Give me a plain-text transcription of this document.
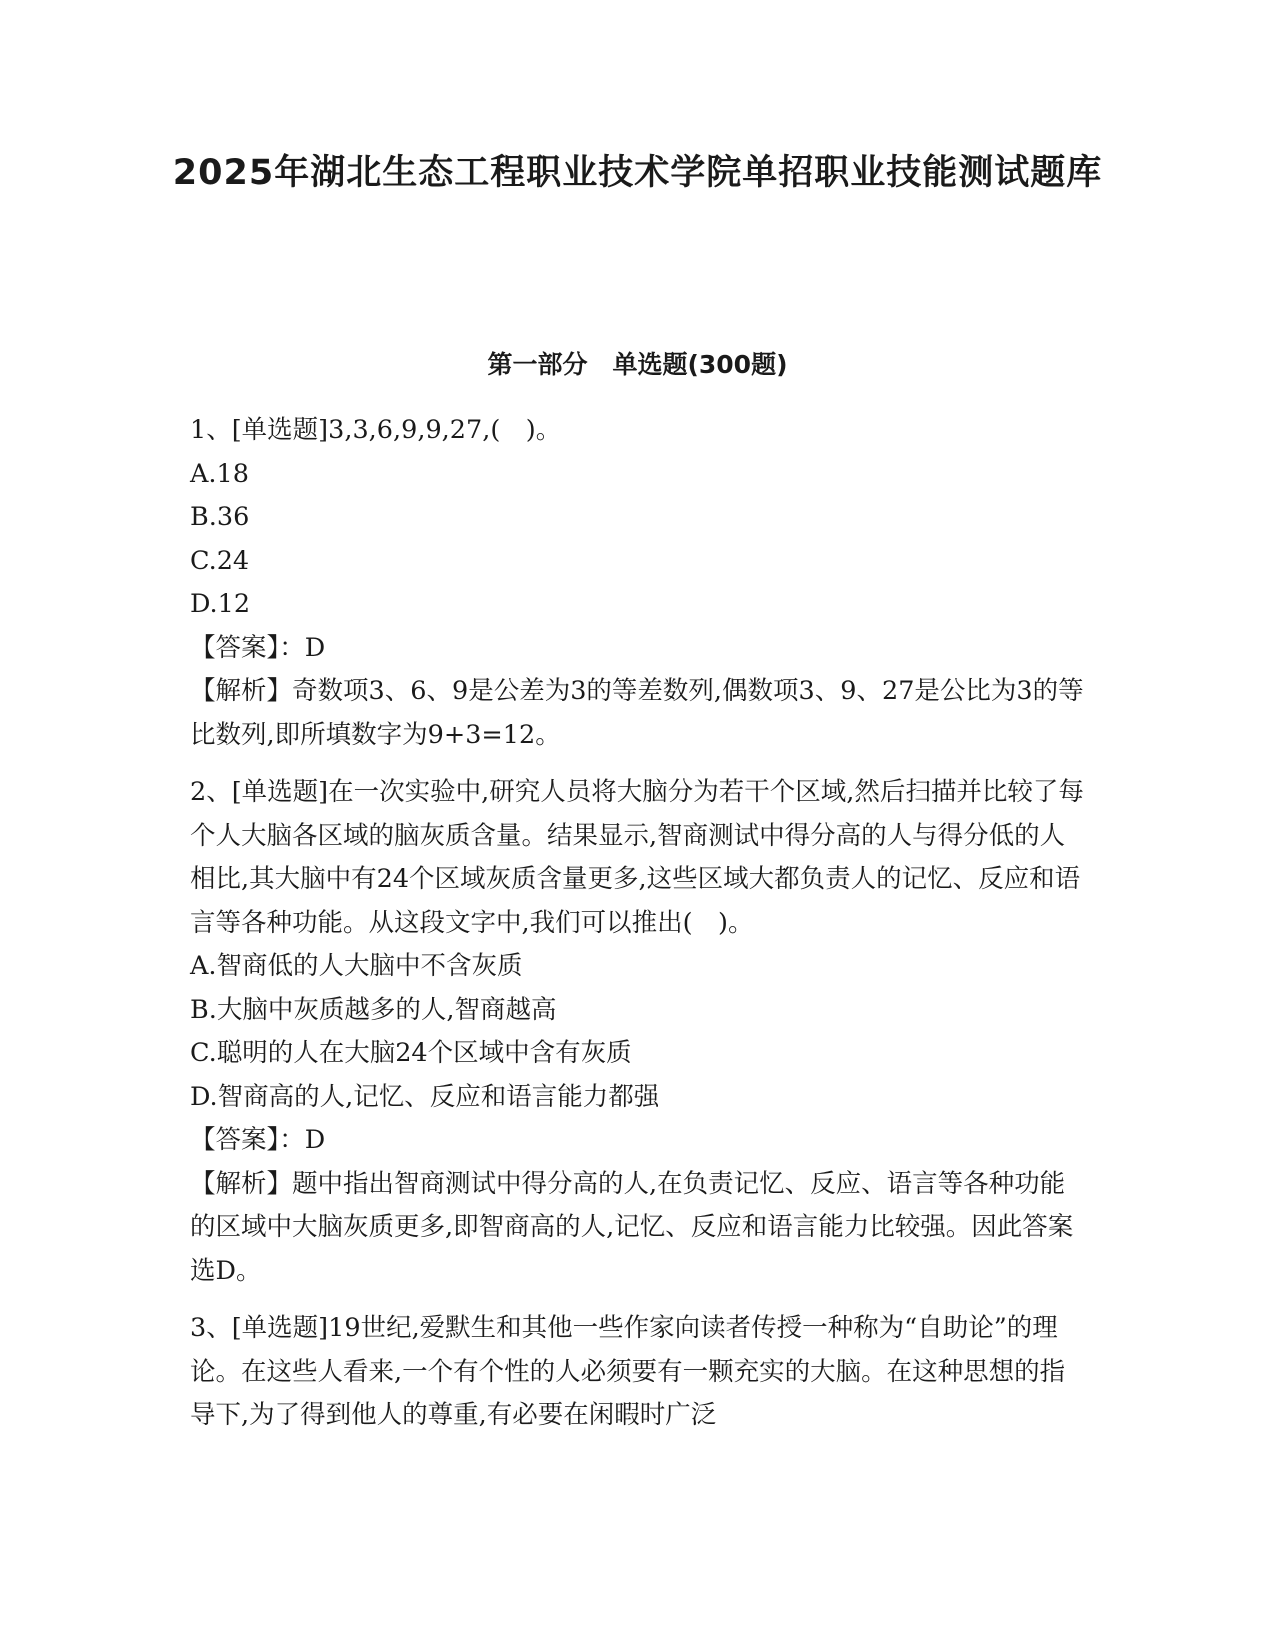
2025年湖北生态工程职业技术学院单招职业技能测试题库
第一部分　单选题(300题)

1、[单选题]3,3,6,9,9,27,(　)。

A.18

B.36

C.24

D.12

【答案】：D

【解析】奇数项3、6、9是公差为3的等差数列,偶数项3、9、27是公比为3的等比数列,即所填数字为9+3=12。

2、[单选题]在一次实验中,研究人员将大脑分为若干个区域,然后扫描并比较了每个人大脑各区域的脑灰质含量。结果显示,智商测试中得分高的人与得分低的人相比,其大脑中有24个区域灰质含量更多,这些区域大都负责人的记忆、反应和语言等各种功能。从这段文字中,我们可以推出(　)。

A.智商低的人大脑中不含灰质

B.大脑中灰质越多的人,智商越高

C.聪明的人在大脑24个区域中含有灰质

D.智商高的人,记忆、反应和语言能力都强

【答案】：D

【解析】题中指出智商测试中得分高的人,在负责记忆、反应、语言等各种功能的区域中大脑灰质更多,即智商高的人,记忆、反应和语言能力比较强。因此答案选D。

3、[单选题]19世纪,爱默生和其他一些作家向读者传授一种称为“自助论”的理论。在这些人看来,一个有个性的人必须要有一颗充实的大脑。在这种思想的指导下,为了得到他人的尊重,有必要在闲暇时广泛
